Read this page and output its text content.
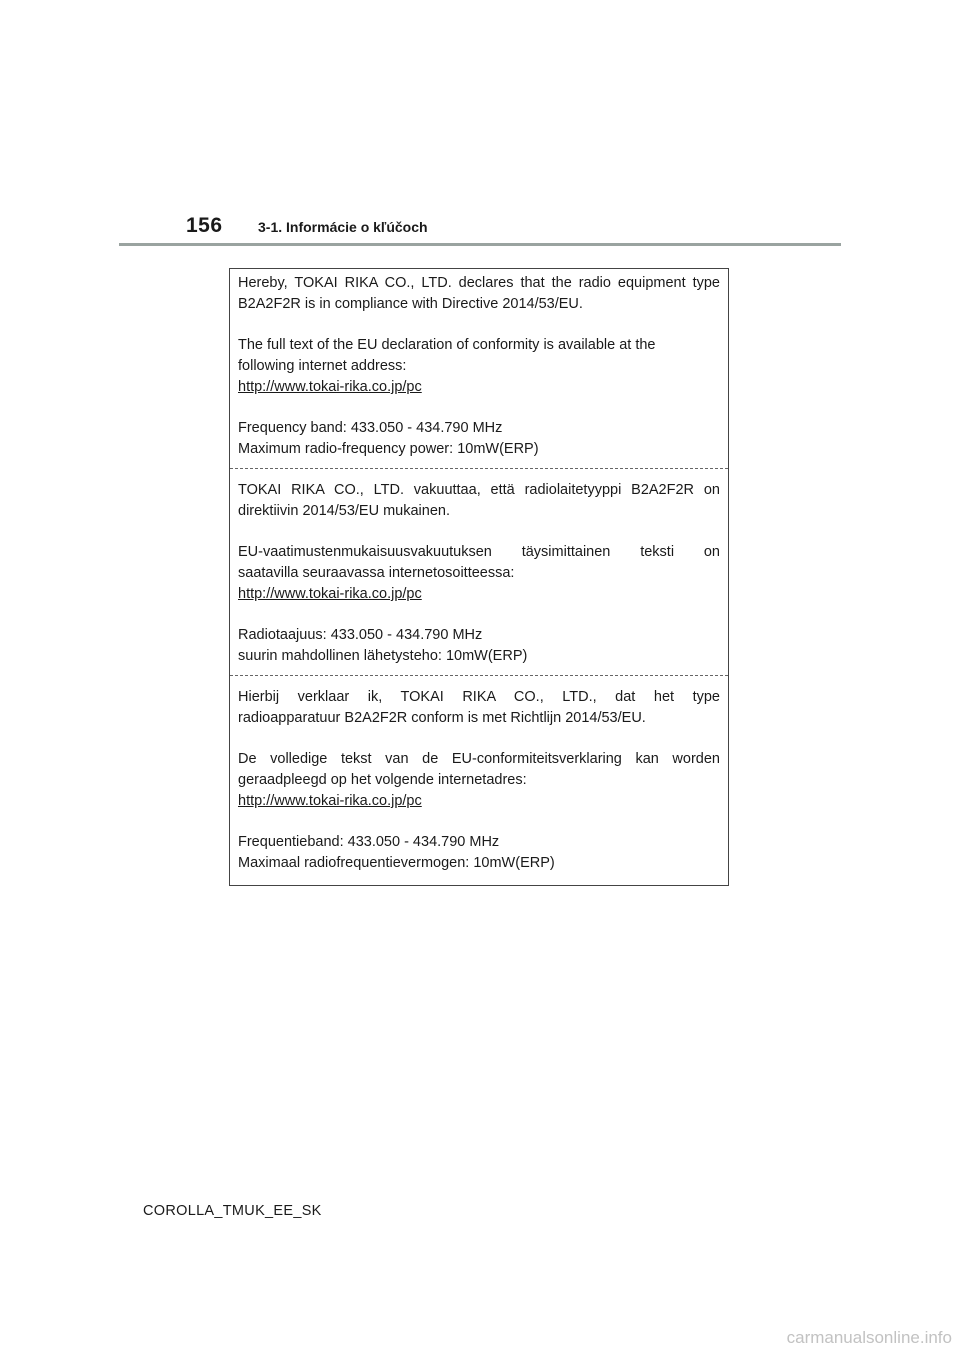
156	3-1. Informácie o kľúčoch

Hereby, TOKAI RIKA CO., LTD. declares that the radio equipment type
B2A2F2R is in compliance with Directive 2014/53/EU.

The full text of the EU declaration of conformity is available at the
following internet address:
http://www.tokai-rika.co.jp/pc

Frequency band: 433.050 - 434.790 MHz
Maximum radio-frequency power: 10mW(ERP)

TOKAI RIKA CO., LTD. vakuuttaa, että radiolaitetyyppi B2A2F2R on
direktiivin 2014/53/EU mukainen.

EU-vaatimustenmukaisuusvakuutuksen täysimittainen teksti on
saatavilla seuraavassa internetosoitteessa:
http://www.tokai-rika.co.jp/pc

Radiotaajuus: 433.050 - 434.790 MHz
suurin mahdollinen lähetysteho: 10mW(ERP)

Hierbij verklaar ik, TOKAI RIKA CO., LTD., dat het type
radioapparatuur B2A2F2R conform is met Richtlijn 2014/53/EU.

De volledige tekst van de EU-conformiteitsverklaring kan worden
geraadpleegd op het volgende internetadres:
http://www.tokai-rika.co.jp/pc

Frequentieband: 433.050 - 434.790 MHz
Maximaal radiofrequentievermogen: 10mW(ERP)

COROLLA_TMUK_EE_SK
carmanualsonline.info
